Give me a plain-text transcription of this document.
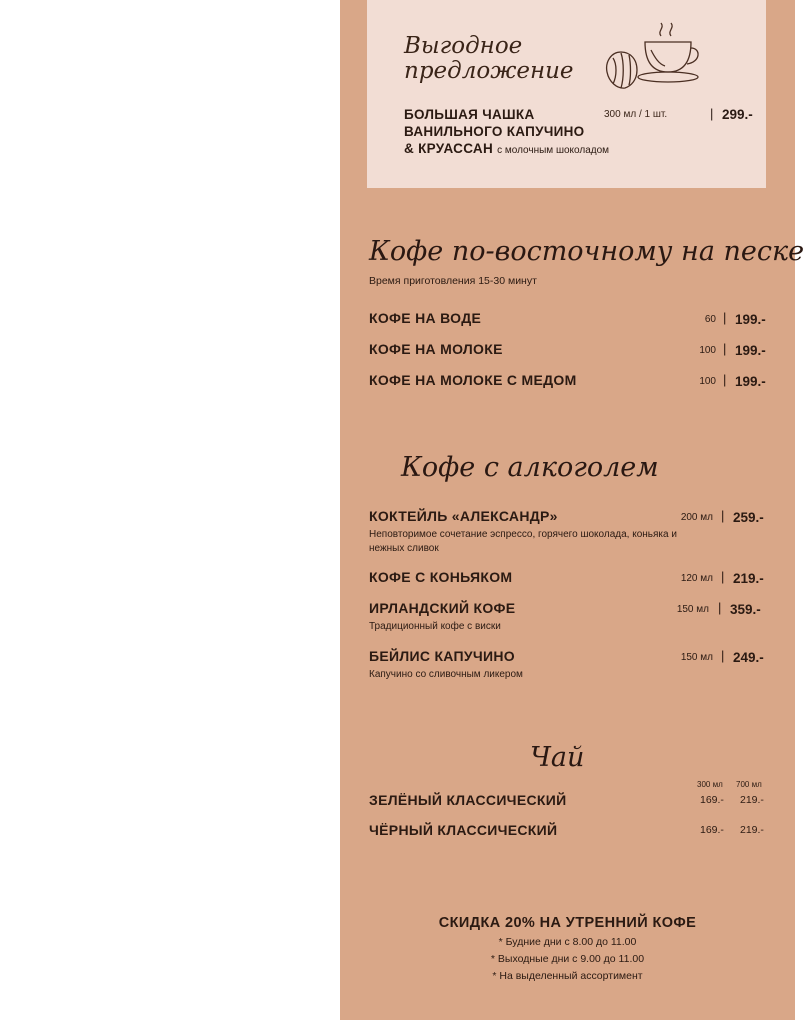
Выгодное
предложение
БОЛЬШАЯ ЧАШКА
ВАНИЛЬНОГО КАПУЧИНО
& КРУАССАН с молочным шоколадом
300 мл / 1 шт.	| 299.-
Кофе по-восточному на песке
Время приготовления 15-30 минут
КОФЕ НА ВОДЕ	60 | 199.-
КОФЕ НА МОЛОКЕ	100 | 199.-
КОФЕ НА МОЛОКЕ С МЕДОМ	100 | 199.-
Кофе с алкоголем
КОКТЕЙЛЬ «АЛЕКСАНДР»	200 мл | 259.-
Неповторимое сочетание эспрессо, горячего шоколада, коньяка и нежных сливок
КОФЕ С КОНЬЯКОМ	120 мл | 219.-
ИРЛАНДСКИЙ КОФЕ	150 мл | 359.-
Традиционный кофе с виски
БЕЙЛИС КАПУЧИНО	150 мл | 249.-
Капучино со сливочным ликером
Чай
300 мл 700 мл
ЗЕЛЁНЫЙ КЛАССИЧЕСКИЙ	169.- 219.-
ЧЁРНЫЙ КЛАССИЧЕСКИЙ	169.- 219.-
СКИДКА 20% НА УТРЕННИЙ КОФЕ
* Будние дни с 8.00 до 11.00
* Выходные дни с 9.00 до 11.00
* На выделенный ассортимент
